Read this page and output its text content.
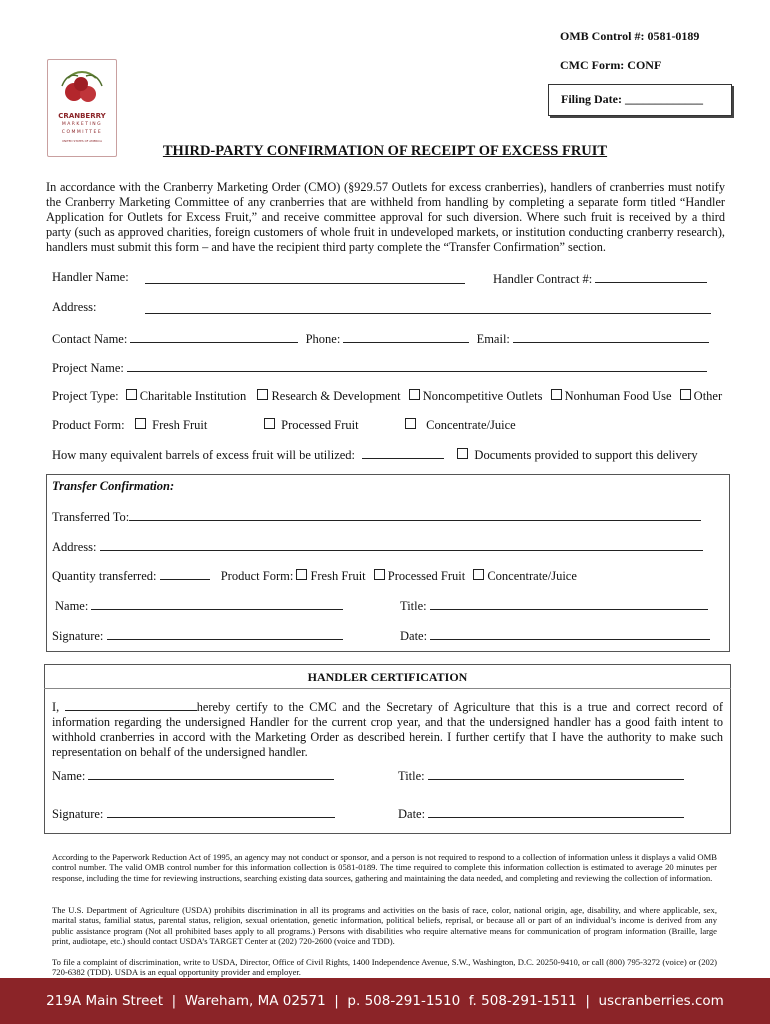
OMB Control #: 0581-0189
CMC Form: CONF
Filing Date: _____________
CRANBERRY
MARKETING
COMMITTEE
UNITED STATES OF AMERICA
THIRD-PARTY CONFIRMATION OF RECEIPT OF EXCESS FRUIT
In accordance with the Cranberry Marketing Order (CMO) (§929.57 Outlets for excess cranberries), handlers of cranberries must notify the Cranberry Marketing Committee of any cranberries that are withheld from handling by completing a separate form titled “Handler Application for Outlets for Excess Fruit,” and receive committee approval for such diversion. Where such fruit is received by a third party (such as approved charities, foreign customers of whole fruit in undeveloped markets, or institution conducting cranberry research), handlers must submit this form – and have the recipient third party complete the “Transfer Confirmation” section.
Handler Name:	Handler Contract #:
Address:
Contact Name:	Phone:	Email:
Project Name:
Project Type: Charitable Institution Research & Development Noncompetitive Outlets Nonhuman Food Use Other
Product Form:	Fresh Fruit	Processed Fruit	Concentrate/Juice
How many equivalent barrels of excess fruit will be utilized:	Documents provided to support this delivery
Transfer Confirmation:
Transferred To:
Address:
Quantity transferred:	Product Form: Fresh Fruit Processed Fruit Concentrate/Juice
Name:	Title:
Signature:	Date:
HANDLER CERTIFICATION
I,	hereby certify to the CMC and the Secretary of Agriculture that this is a true and correct record of information regarding the undersigned Handler for the current crop year, and that the undersigned handler has a good faith intent to withhold cranberries in accord with the Marketing Order as described herein. I further certify that I have the authority to make such representation on behalf of the undersigned handler.
Name:	Title:
Signature:	Date:
According to the Paperwork Reduction Act of 1995, an agency may not conduct or sponsor, and a person is not required to respond to a collection of information unless it displays a valid OMB control number. The valid OMB control number for this information collection is 0581-0189. The time required to complete this information collection is estimated to average 20 minutes per response, including the time for reviewing instructions, searching existing data sources, gathering and maintaining the data needed, and completing and reviewing the collection of information.
The U.S. Department of Agriculture (USDA) prohibits discrimination in all its programs and activities on the basis of race, color, national origin, age, disability, and where applicable, sex, marital status, familial status, parental status, religion, sexual orientation, genetic information, political beliefs, reprisal, or because all or part of an individual’s income is derived from any public assistance program (Not all prohibited bases apply to all programs.) Persons with disabilities who require alternative means for communication of program information (Braille, large print, audiotape, etc.) should contact USDA’s TARGET Center at (202) 720-2600 (voice and TDD).
To file a complaint of discrimination, write to USDA, Director, Office of Civil Rights, 1400 Independence Avenue, S.W., Washington, D.C. 20250-9410, or call (800) 795-3272 (voice) or (202) 720-6382 (TDD). USDA is an equal opportunity provider and employer.
219A Main Street  |  Wareham, MA 02571  |  p. 508-291-1510  f. 508-291-1511  |  uscranberries.com
